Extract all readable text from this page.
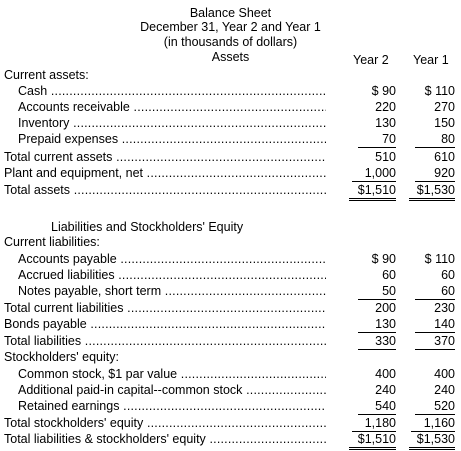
Balance Sheet
December 31, Year 2 and Year 1
(in thousands of dollars)
Assets	Year 2 Year 1
Current assets:
Cash .....	$ 90	$ 110
Accounts receivable .....	220	270
Inventory .....	130	150
Prepaid expenses .....	70	80
Total current assets .....	510	610
Plant and equipment, net .....	1,000	920
Total assets .....	$1,510	$1,530
Liabilities and Stockholders' Equity
Current liabilities:
Accounts payable .....	$ 90	$ 110
Accrued liabilities .....	60	60
Notes payable, short term .....	50	60
Total current liabilities .....	200	230
Bonds payable .....	130	140
Total liabilities .....	330	370
Stockholders' equity:
Common stock, $1 par value .....	400	400
Additional paid-in capital--common stock .....	240	240
Retained earnings .....	540	520
Total stockholders' equity .....	1,180	1,160
Total liabilities & stockholders' equity .....	$1,510	$1,530
